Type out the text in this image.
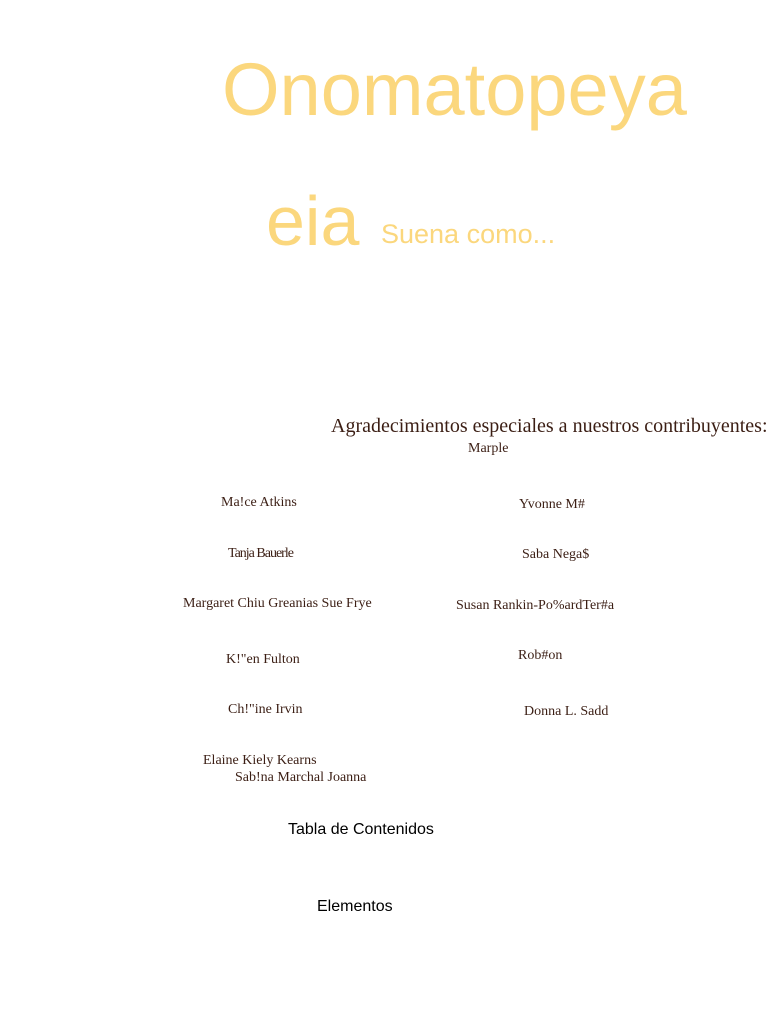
Onomatopeya
eia Suena como...
Agradecimientos especiales a nuestros contribuyentes:
Marple
Ma!ce Atkins	Yvonne M#
Tanja Bauerle	Saba Nega$
Margaret Chiu Greanias Sue Frye	Susan Rankin-Po%ardTer#a
K!"en Fulton	Rob#on
Ch!"ine Irvin	Donna L. Sadd
Elaine Kiely Kearns
Sab!na Marchal Joanna
Tabla de Contenidos
Elementos
